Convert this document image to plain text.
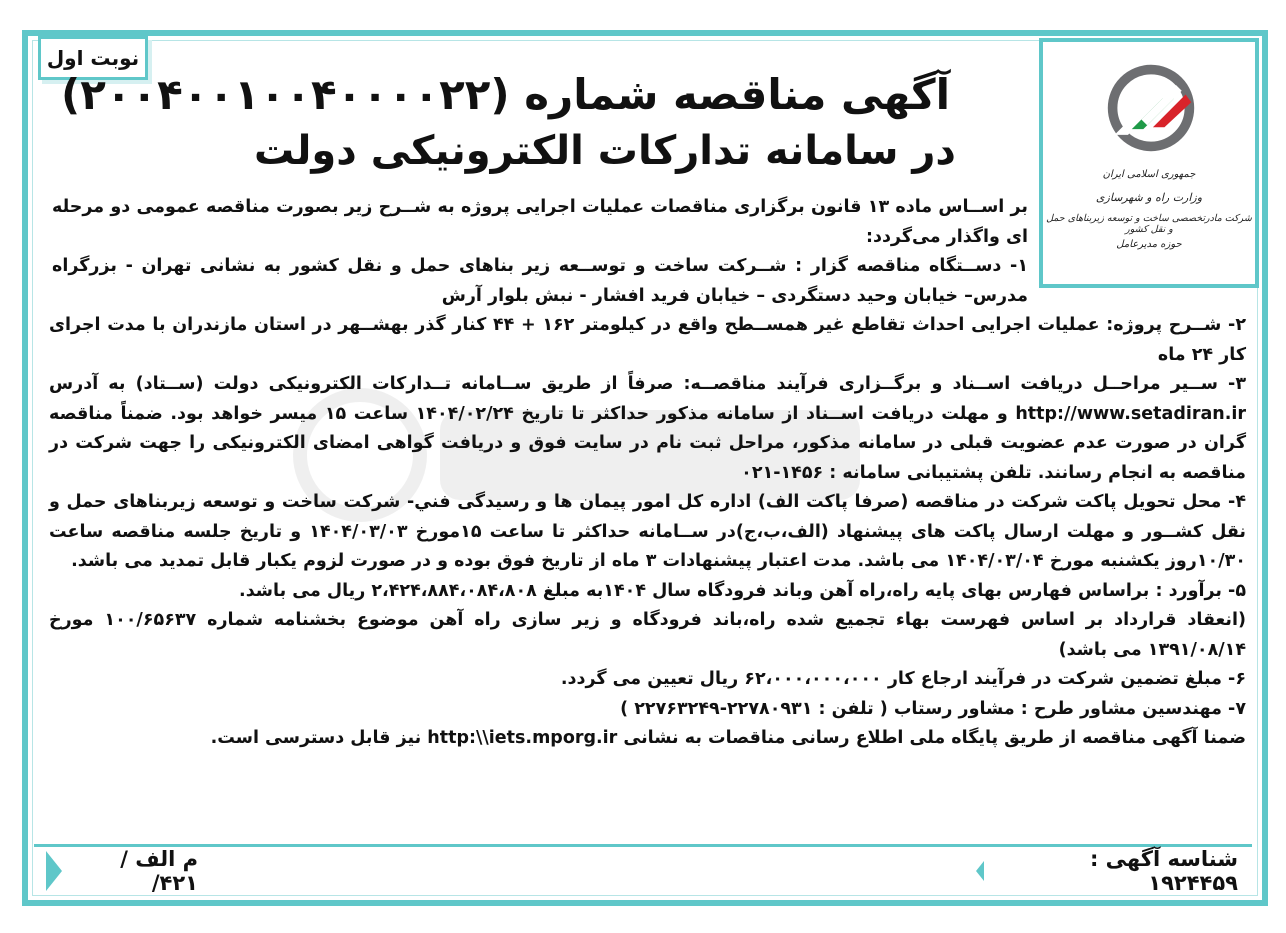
نوبت اول
جمهوری اسلامی ایران
وزارت راه و شهرسازی
شرکت مادرتخصصی ساخت و توسعه زیربناهای حمل و نقل کشور
حوزه مدیرعامل
آگهی مناقصه شماره (۲۰۰۴۰۰۱۰۰۴۰۰۰۰۲۲)
در سامانه تدارکات الکترونیکی دولت

بر اســاس ماده ۱۳ قانون برگزاری مناقصات عملیات اجرایی پروژه به شــرح زیر بصورت مناقصه عمومی دو مرحله ای واگذار می‌گردد:

۱- دســتگاه مناقصه گزار : شــرکت ساخت و توســعه زیر بناهای حمل و نقل کشور به نشانی تهران - بزرگراه مدرس– خیابان وحید دستگردی – خیابان فرید افشار - نبش بلوار آرش

۲- شــرح پروژه: عملیات اجرایی احداث تقاطع غیر همســطح واقع در کیلومتر ۱۶۲ + ۴۴ کنار گذر بهشــهر در استان مازندران با مدت اجرای کار ۲۴ ماه

۳- ســیر مراحــل دریافت اســناد و برگــزاری فرآیند مناقصــه: صرفاً از طریق ســامانه تــدارکات الکترونیکی دولت (ســتاد) به آدرس http://www.setadiran.ir و مهلت دریافت اســناد از سامانه مذکور حداکثر تا تاریخ ۱۴۰۴/۰۲/۲۴ ساعت ۱۵ میسر خواهد بود. ضمناً مناقصه گران در صورت عدم عضویت قبلی در سامانه مذکور، مراحل ثبت نام در سایت فوق و دریافت گواهی امضای الکترونیکی را جهت شرکت در مناقصه به انجام رسانند. تلفن پشتیبانی سامانه : ۱۴۵۶-۰۲۱

۴- محل تحویل پاکت شرکت در مناقصه (صرفا پاکت الف) اداره کل امور پیمان ها و رسیدگی فني- شرکت ساخت و توسعه زیربناهای حمل و نقل کشــور و مهلت ارسال پاکت های پیشنهاد (الف،ب،ج)در ســامانه حداکثر تا ساعت ۱۵مورخ ۱۴۰۴/۰۳/۰۳ و تاریخ جلسه مناقصه ساعت ۱۰/۳۰روز یکشنبه مورخ ۱۴۰۴/۰۳/۰۴ می باشد. مدت اعتبار پیشنهادات ۳ ماه از تاریخ فوق بوده و در صورت لزوم یکبار قابل تمدید می باشد.

۵- برآورد : براساس فهارس بهای پایه راه،راه آهن وباند فرودگاه سال ۱۴۰۴به مبلغ ۲،۴۲۴،۸۸۴،۰۸۴،۸۰۸ ریال می باشد.

(انعقاد قرارداد بر اساس فهرست بهاء تجمیع شده راه،باند فرودگاه و زیر سازی راه آهن موضوع بخشنامه شماره ۱۰۰/۶۵۶۳۷ مورخ ۱۳۹۱/۰۸/۱۴ می باشد)

۶- مبلغ تضمین شرکت در فرآیند ارجاع کار ۶۲،۰۰۰،۰۰۰،۰۰۰ ریال تعیین می گردد.

۷- مهندسین مشاور طرح : مشاور رستاب ( تلفن : ۲۲۷۸۰۹۳۱-۲۲۷۶۳۲۴۹ )

ضمنا آگهی مناقصه از طریق پایگاه ملی اطلاع رسانی مناقصات به نشانی http:\\iets.mporg.ir نیز قابل دسترسی است.

شناسه آگهی : ۱۹۲۴۴۵۹
م الف /۴۲۱/
